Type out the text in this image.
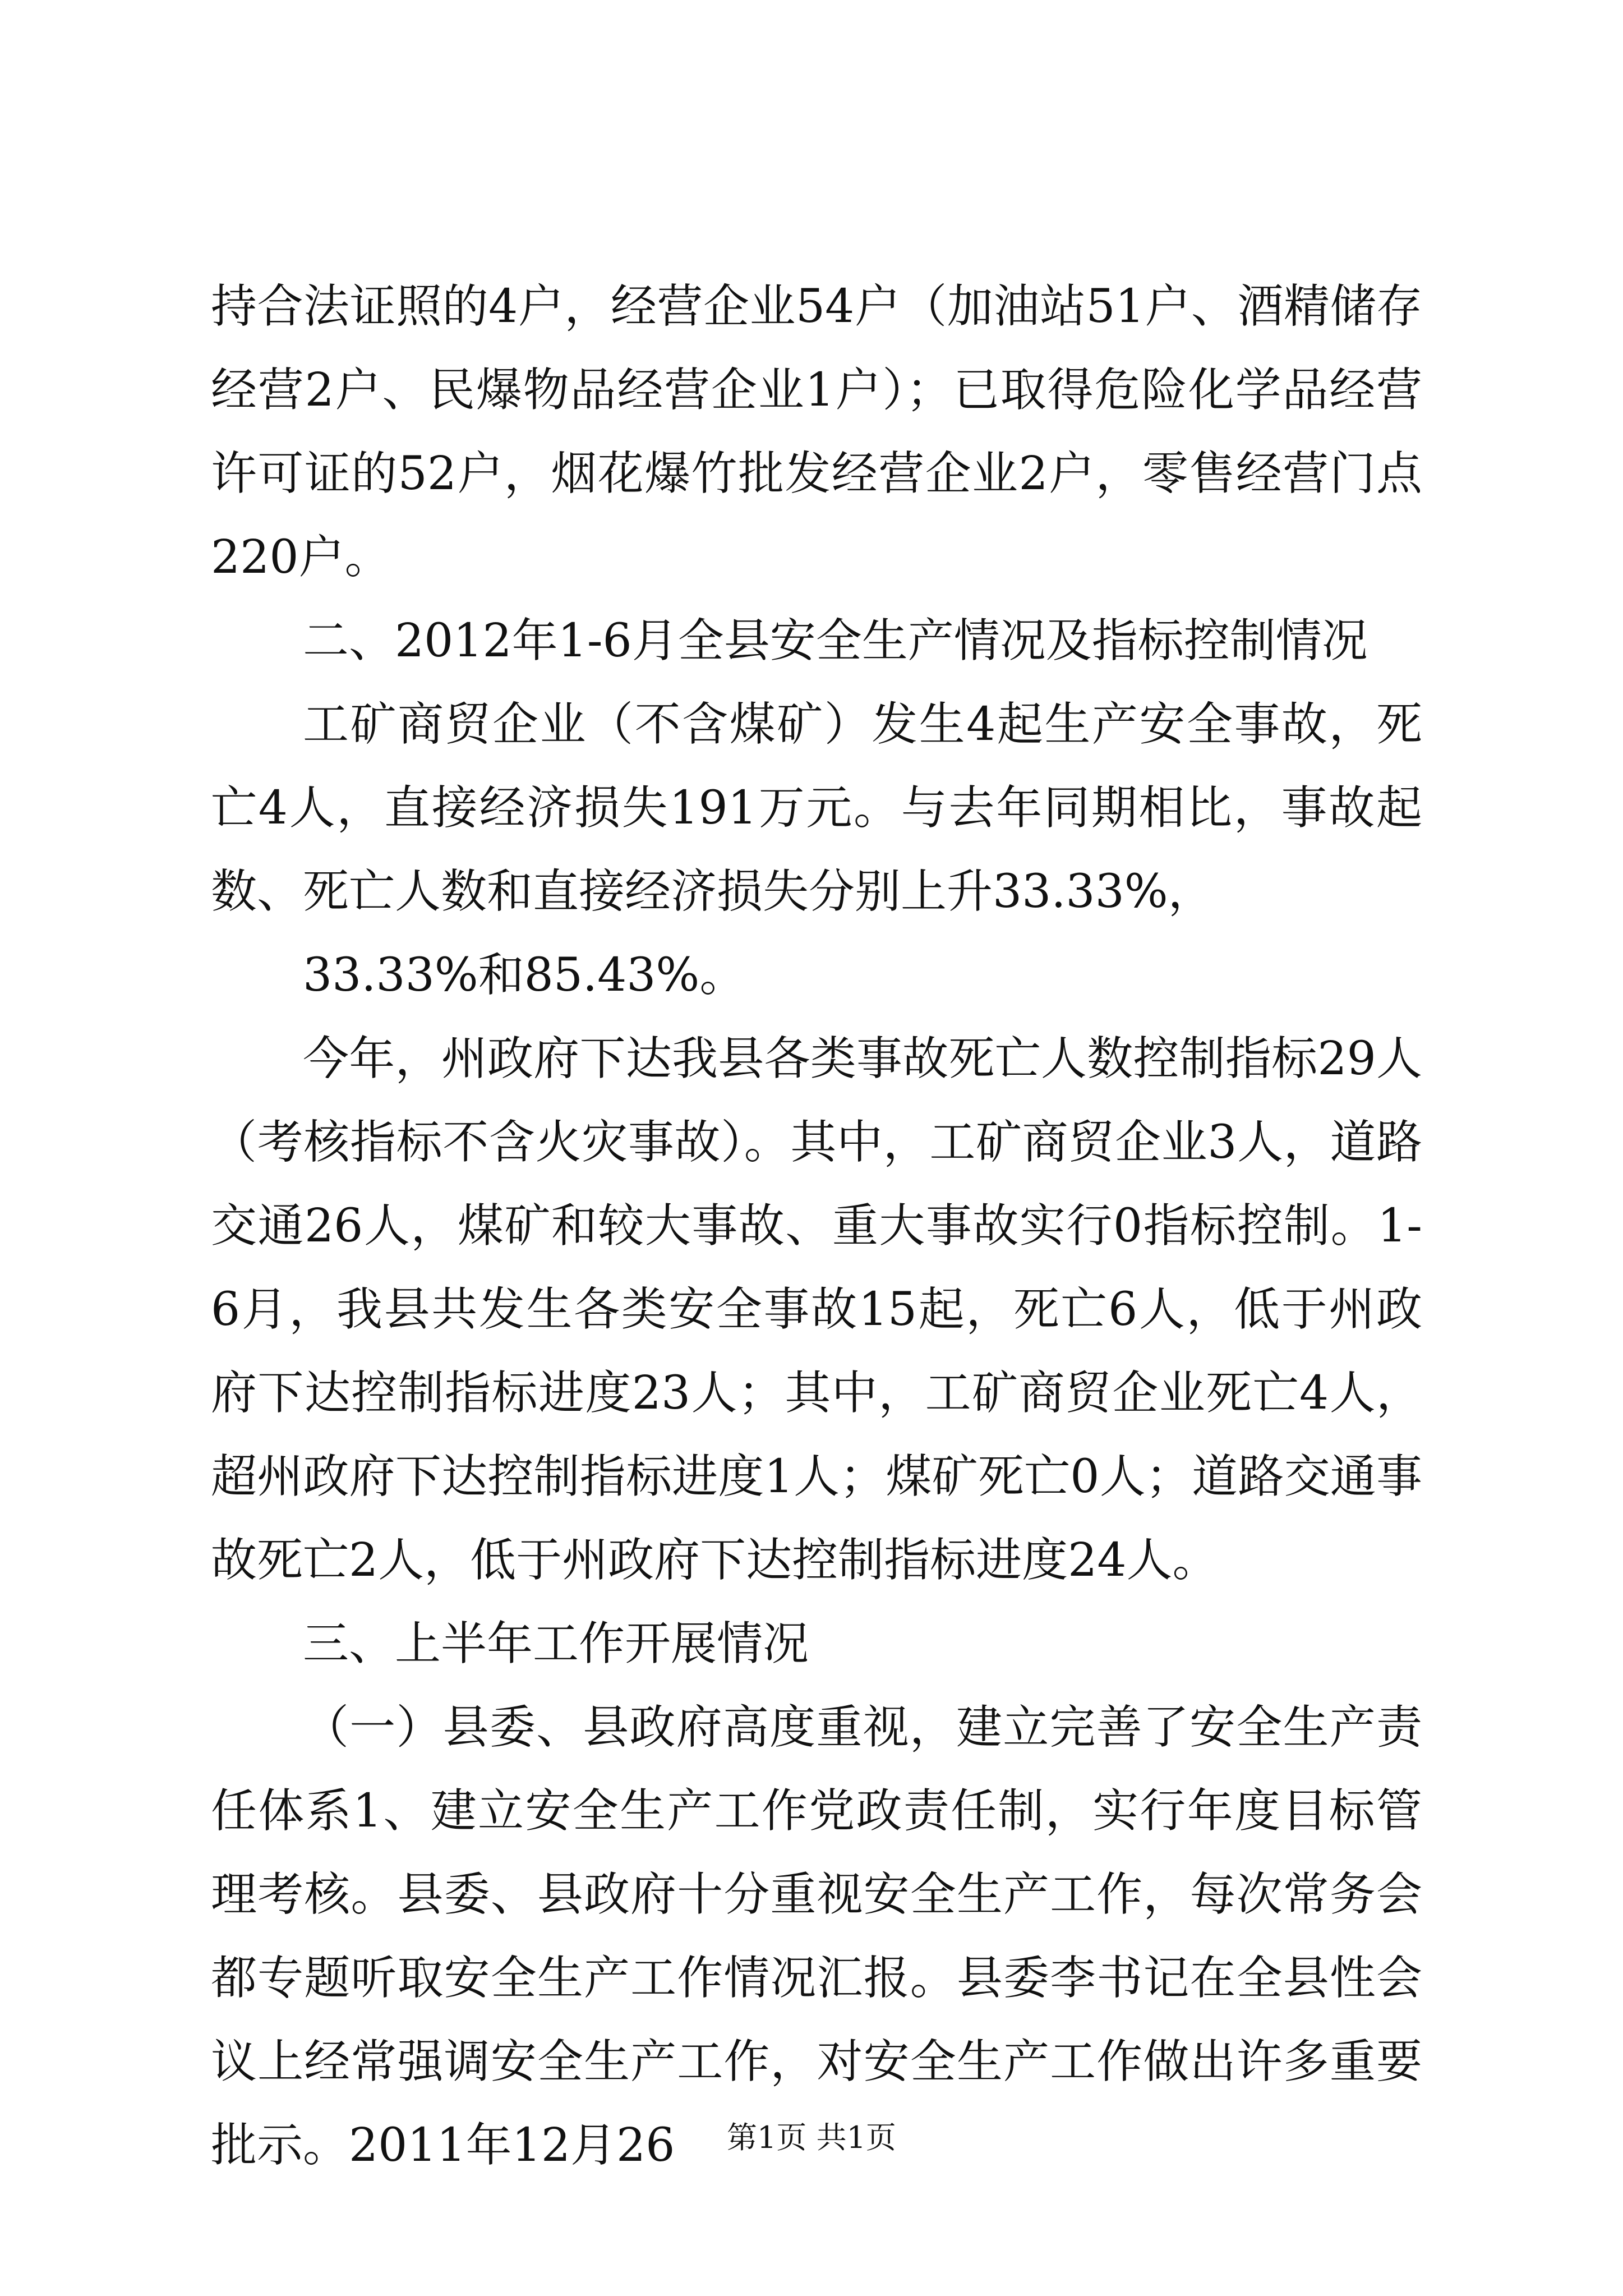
持合法证照的4户，经营企业54户（加油站51户、酒精储存经营2户、民爆物品经营企业1户）；已取得危险化学品经营许可证的52户，烟花爆竹批发经营企业2户，零售经营门点220户。

二、2012年1-6月全县安全生产情况及指标控制情况

工矿商贸企业（不含煤矿）发生4起生产安全事故，死亡4人，直接经济损失191万元。与去年同期相比，事故起数、死亡人数和直接经济损失分别上升33.33%，

33.33%和85.43%。

今年，州政府下达我县各类事故死亡人数控制指标29人（考核指标不含火灾事故）。其中，工矿商贸企业3人，道路交通26人，煤矿和较大事故、重大事故实行0指标控制。1-6月，我县共发生各类安全事故15起，死亡6人，低于州政府下达控制指标进度23人；其中，工矿商贸企业死亡4人，超州政府下达控制指标进度1人；煤矿死亡0人；道路交通事故死亡2人，低于州政府下达控制指标进度24人。

三、上半年工作开展情况

（一）县委、县政府高度重视，建立完善了安全生产责任体系1、建立安全生产工作党政责任制，实行年度目标管理考核。县委、县政府十分重视安全生产工作，每次常务会都专题听取安全生产工作情况汇报。县委李书记在全县性会议上经常强调安全生产工作，对安全生产工作做出许多重要批示。2011年12月26	第1页 共1页
